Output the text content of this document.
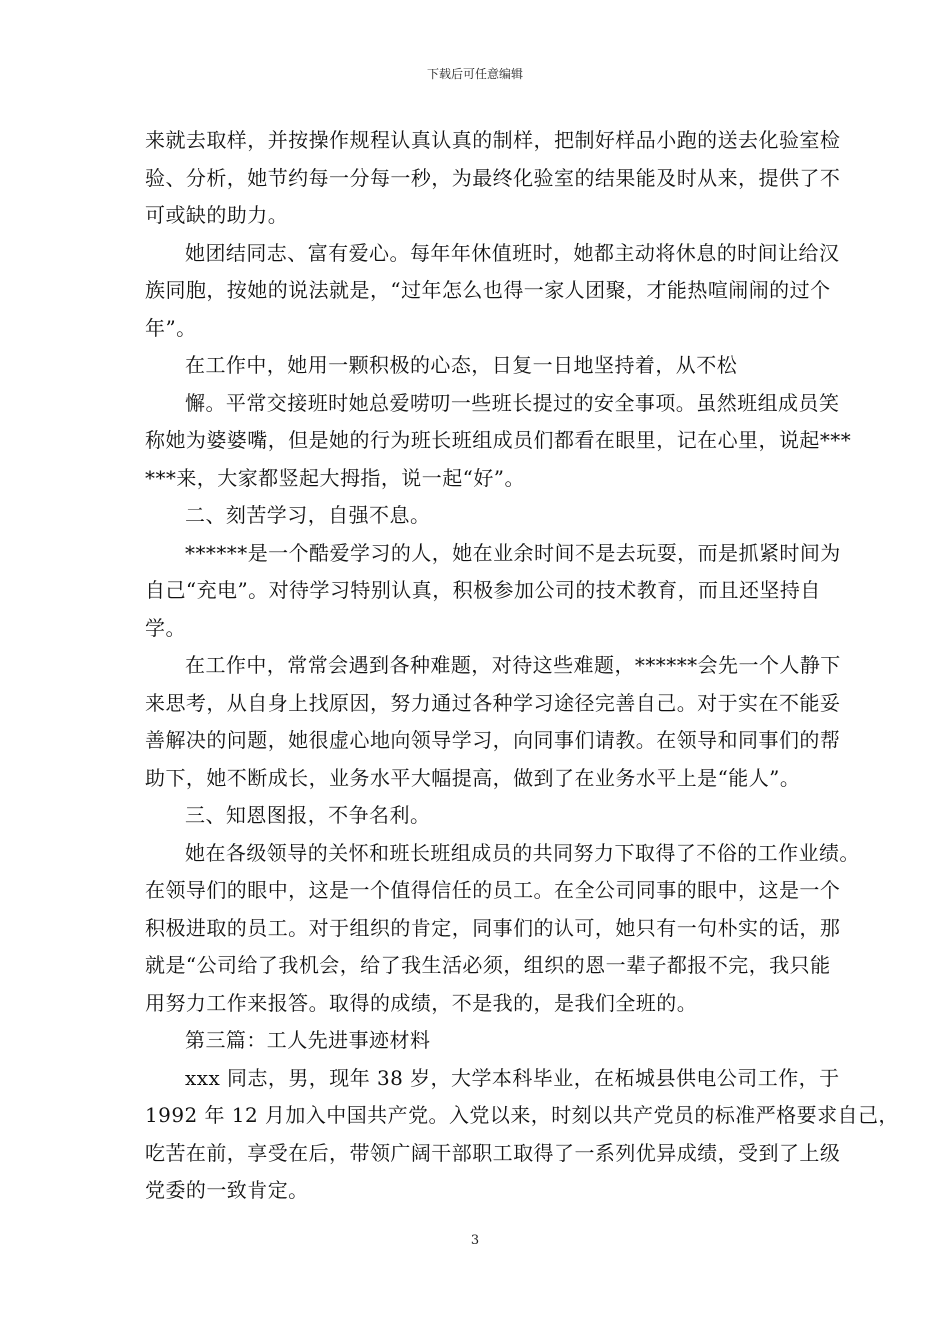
下载后可任意编辑
来就去取样，并按操作规程认真认真的制样，把制好样品小跑的送去化验室检
验、分析，她节约每一分每一秒，为最终化验室的结果能及时从来，提供了不
可或缺的助力。
她团结同志、富有爱心。每年年休值班时，她都主动将休息的时间让给汉
族同胞，按她的说法就是，“过年怎么也得一家人团聚，才能热喧闹闹的过个
年”。
在工作中，她用一颗积极的心态，日复一日地坚持着，从不松
懈。平常交接班时她总爱唠叨一些班长提过的安全事项。虽然班组成员笑
称她为婆婆嘴，但是她的行为班长班组成员们都看在眼里，记在心里，说起***
***来，大家都竖起大拇指，说一起“好”。
二、刻苦学习，自强不息。
******是一个酷爱学习的人，她在业余时间不是去玩耍，而是抓紧时间为
自己“充电”。对待学习特别认真，积极参加公司的技术教育，而且还坚持自
学。
在工作中，常常会遇到各种难题，对待这些难题，******会先一个人静下
来思考，从自身上找原因，努力通过各种学习途径完善自己。对于实在不能妥
善解决的问题，她很虚心地向领导学习，向同事们请教。在领导和同事们的帮
助下，她不断成长，业务水平大幅提高，做到了在业务水平上是“能人”。
三、知恩图报，不争名利。
她在各级领导的关怀和班长班组成员的共同努力下取得了不俗的工作业绩。
在领导们的眼中，这是一个值得信任的员工。在全公司同事的眼中，这是一个
积极进取的员工。对于组织的肯定，同事们的认可，她只有一句朴实的话，那
就是“公司给了我机会，给了我生活必须，组织的恩一辈子都报不完，我只能
用努力工作来报答。取得的成绩，不是我的，是我们全班的。
第三篇：工人先进事迹材料
xxx 同志，男，现年 38 岁，大学本科毕业，在柘城县供电公司工作，于
1992 年 12 月加入中国共产党。入党以来，时刻以共产党员的标准严格要求自己，
吃苦在前，享受在后，带领广阔干部职工取得了一系列优异成绩，受到了上级
党委的一致肯定。
3
